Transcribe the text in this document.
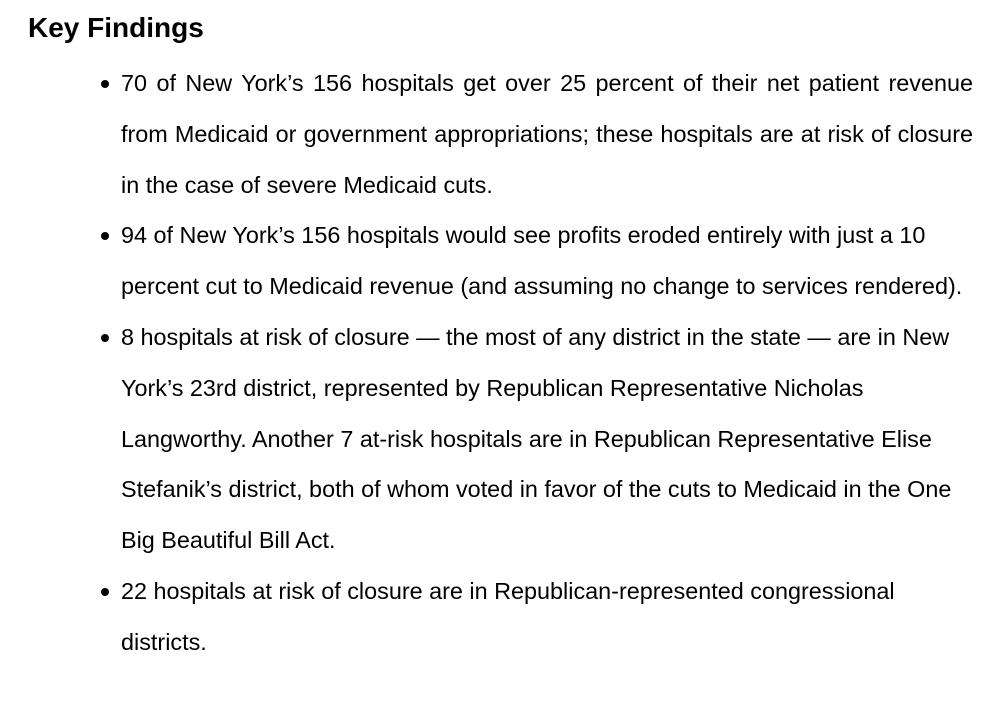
Key Findings
70 of New York’s 156 hospitals get over 25 percent of their net patient revenue from Medicaid or government appropriations; these hospitals are at risk of closure in the case of severe Medicaid cuts.
94 of New York’s 156 hospitals would see profits eroded entirely with just a 10 percent cut to Medicaid revenue (and assuming no change to services rendered).
8 hospitals at risk of closure — the most of any district in the state — are in New York’s 23rd district, represented by Republican Representative Nicholas Langworthy. Another 7 at-risk hospitals are in Republican Representative Elise Stefanik’s district, both of whom voted in favor of the cuts to Medicaid in the One Big Beautiful Bill Act.
22 hospitals at risk of closure are in Republican-represented congressional districts.
